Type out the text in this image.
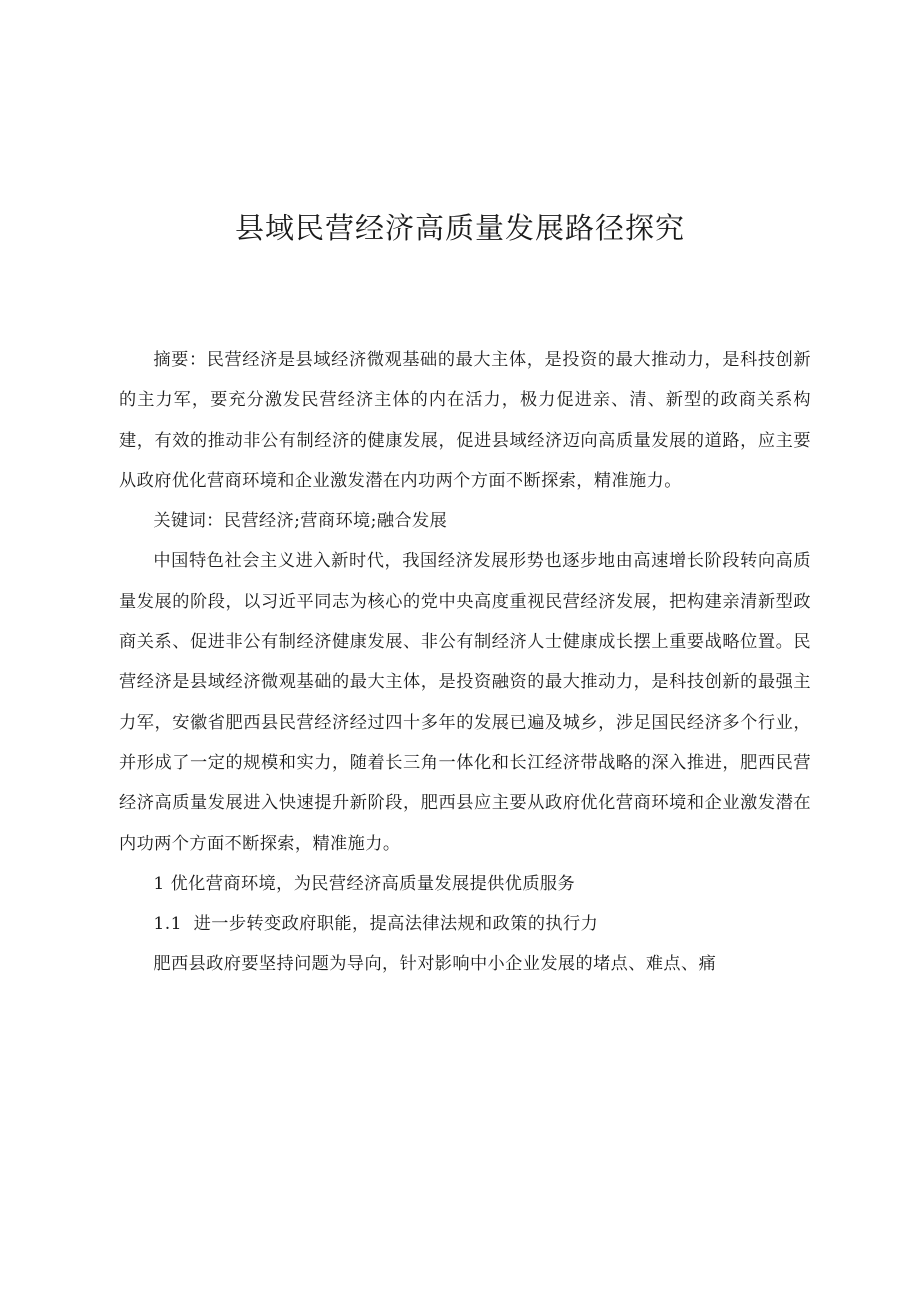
县域民营经济高质量发展路径探究

摘要：民营经济是县域经济微观基础的最大主体，是投资的最大推动力，是科技创新的主力军，要充分激发民营经济主体的内在活力，极力促进亲、清、新型的政商关系构建，有效的推动非公有制经济的健康发展，促进县域经济迈向高质量发展的道路，应主要从政府优化营商环境和企业激发潜在内功两个方面不断探索，精准施力。

关键词：民营经济;营商环境;融合发展

中国特色社会主义进入新时代，我国经济发展形势也逐步地由高速增长阶段转向高质量发展的阶段，以习近平同志为核心的党中央高度重视民营经济发展，把构建亲清新型政商关系、促进非公有制经济健康发展、非公有制经济人士健康成长摆上重要战略位置。民营经济是县域经济微观基础的最大主体，是投资融资的最大推动力，是科技创新的最强主力军，安徽省肥西县民营经济经过四十多年的发展已遍及城乡，涉足国民经济多个行业，并形成了一定的规模和实力，随着长三角一体化和长江经济带战略的深入推进，肥西民营经济高质量发展进入快速提升新阶段，肥西县应主要从政府优化营商环境和企业激发潜在内功两个方面不断探索，精准施力。

1 优化营商环境，为民营经济高质量发展提供优质服务

1.1  进一步转变政府职能，提高法律法规和政策的执行力

肥西县政府要坚持问题为导向，针对影响中小企业发展的堵点、难点、痛
